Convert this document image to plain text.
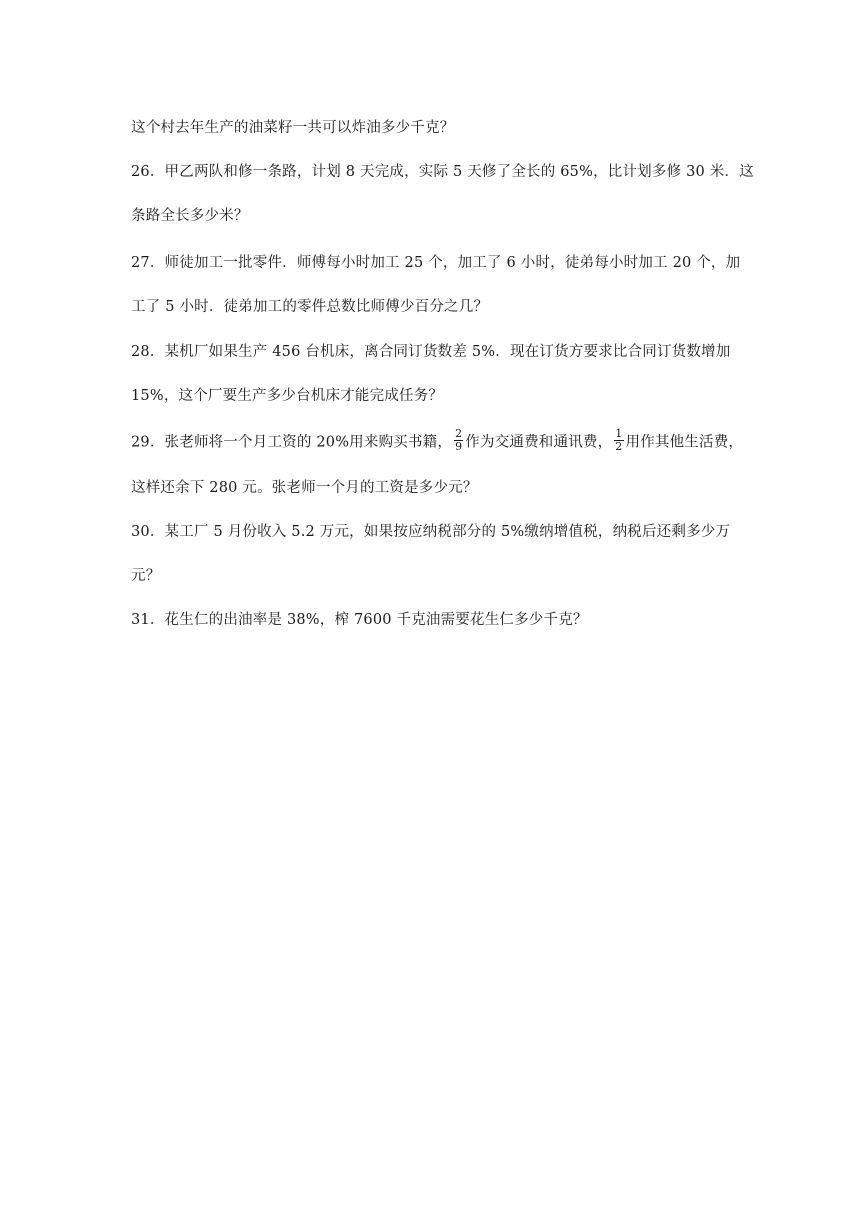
这个村去年生产的油菜籽一共可以炸油多少千克？
26．甲乙两队和修一条路，计划 8 天完成，实际 5 天修了全长的 65%，比计划多修 30 米．这
条路全长多少米？
27．师徒加工一批零件．师傅每小时加工 25 个，加工了 6 小时，徒弟每小时加工 20 个，加
工了 5 小时．徒弟加工的零件总数比师傅少百分之几？
28．某机厂如果生产 456 台机床，离合同订货数差 5%．现在订货方要求比合同订货数增加
15%，这个厂要生产多少台机床才能完成任务？
29．张老师将一个月工资的 20%用来购买书籍， $\frac{2}{9}$ 作为交通费和通讯费， $\frac{1}{2}$ 用作其他生活费，
这样还余下 280 元。张老师一个月的工资是多少元？
30．某工厂 5 月份收入 5.2 万元，如果按应纳税部分的 5%缴纳增值税，纳税后还剩多少万
元？
31．花生仁的出油率是 38%，榨 7600 千克油需要花生仁多少千克？
